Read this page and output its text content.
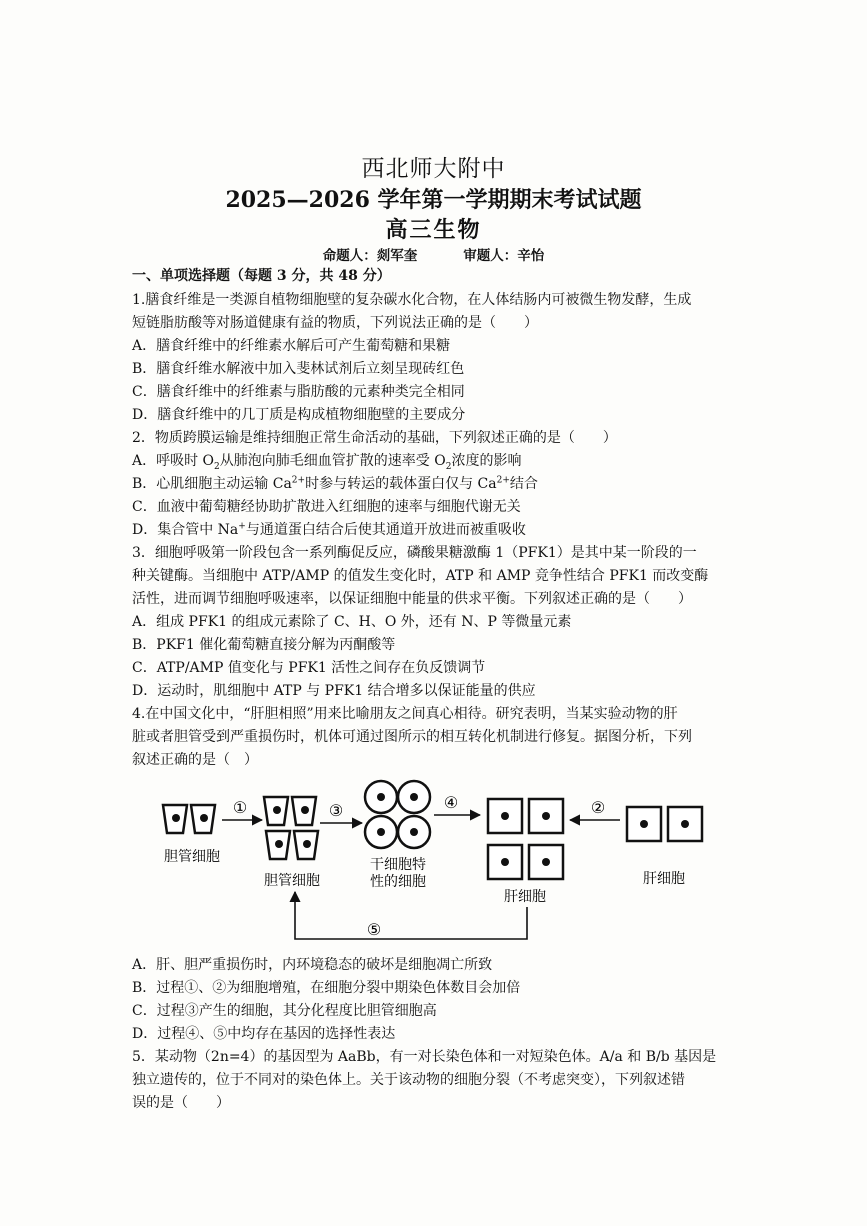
西北师大附中
2025—2026 学年第一学期期末考试试题
高三生物
命题人：剡军奎	审题人：辛怡
一、单项选择题（每题 3 分，共 48 分）
1.膳食纤维是一类源自植物细胞壁的复杂碳水化合物，在人体结肠内可被微生物发酵，生成
短链脂肪酸等对肠道健康有益的物质，下列说法正确的是（　　）
A．膳食纤维中的纤维素水解后可产生葡萄糖和果糖
B．膳食纤维水解液中加入斐林试剂后立刻呈现砖红色
C．膳食纤维中的纤维素与脂肪酸的元素种类完全相同
D．膳食纤维中的几丁质是构成植物细胞壁的主要成分
2．物质跨膜运输是维持细胞正常生命活动的基础，下列叙述正确的是（　　）
A．呼吸时 $O_2$从肺泡向肺毛细血管扩散的速率受 $O_2$浓度的影响
B．心肌细胞主动运输 $Ca^{2+}$时参与转运的载体蛋白仅与 $Ca^{2+}$结合
C．血液中葡萄糖经协助扩散进入红细胞的速率与细胞代谢无关
D．集合管中 Na+与通道蛋白结合后使其通道开放进而被重吸收
3．细胞呼吸第一阶段包含一系列酶促反应，磷酸果糖激酶 1（PFK1）是其中某一阶段的一
种关键酶。当细胞中 ATP/AMP 的值发生变化时，ATP 和 AMP 竞争性结合 PFK1 而改变酶
活性，进而调节细胞呼吸速率，以保证细胞中能量的供求平衡。下列叙述正确的是（　　）
A．组成 PFK1 的组成元素除了 C、H、O 外，还有 N、P 等微量元素
B．PKF1 催化葡萄糖直接分解为丙酮酸等
C．ATP/AMP 值变化与 PFK1 活性之间存在负反馈调节
D．运动时，肌细胞中 ATP 与 PFK1 结合增多以保证能量的供应
4.在中国文化中，“肝胆相照”用来比喻朋友之间真心相待。研究表明，当某实验动物的肝
脏或者胆管受到严重损伤时，机体可通过图所示的相互转化机制进行修复。据图分析，下列
叙述正确的是（　）
胆管细胞
①
胆管细胞
③
干细胞特
性的细胞
④
肝细胞
②
肝细胞
⑤
A．肝、胆严重损伤时，内环境稳态的破坏是细胞凋亡所致
B．过程①、②为细胞增殖，在细胞分裂中期染色体数目会加倍
C．过程③产生的细胞，其分化程度比胆管细胞高
D．过程④、⑤中均存在基因的选择性表达
5．某动物（2n=4）的基因型为 AaBb，有一对长染色体和一对短染色体。A/a 和 B/b 基因是
独立遗传的，位于不同对的染色体上。关于该动物的细胞分裂（不考虑突变），下列叙述错
误的是（　　）
